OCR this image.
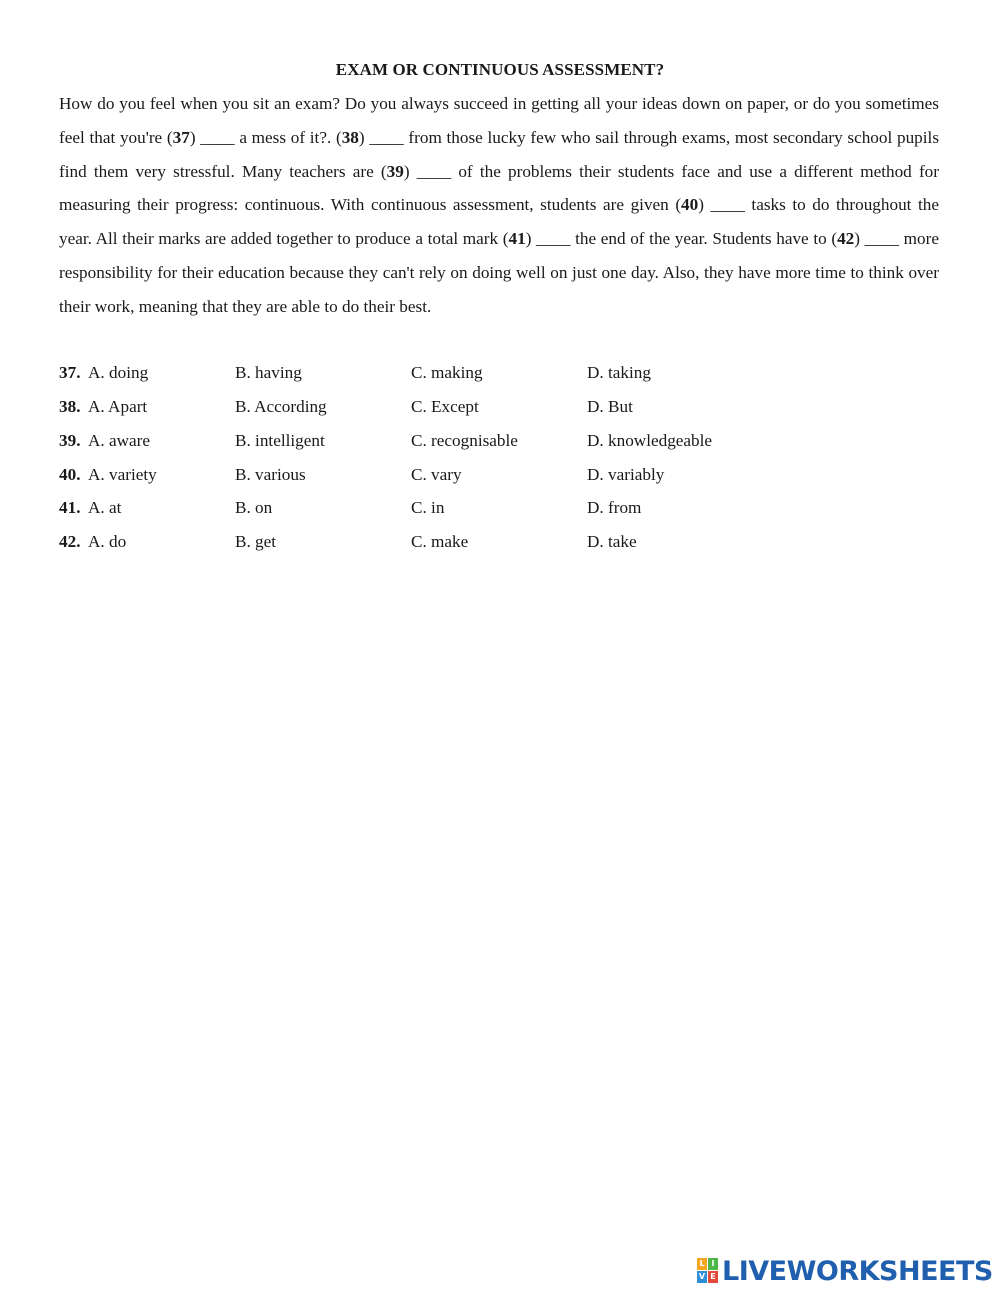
EXAM OR CONTINUOUS ASSESSMENT?
How do you feel when you sit an exam? Do you always succeed in getting all your ideas down on paper, or do you sometimes feel that you're (37) ____ a mess of it?. (38) ____ from those lucky few who sail through exams, most secondary school pupils find them very stressful. Many teachers are (39) ____ of the problems their students face and use a different method for measuring their progress: continuous. With continuous assessment, students are given (40) ____ tasks to do throughout the year. All their marks are added together to produce a total mark (41) ____ the end of the year. Students have to (42) ____ more responsibility for their education because they can't rely on doing well on just one day. Also, they have more time to think over their work, meaning that they are able to do their best.
37. A. doing	B. having	C. making	D. taking
38. A. Apart	B. According	C. Except	D. But
39. A. aware	B. intelligent	C. recognisable	D. knowledgeable
40. A. variety	B. various	C. vary	D. variably
41. A. at	B. on	C. in	D. from
42. A. do	B. get	C. make	D. take
L I
V E LIVEWORKSHEETS
